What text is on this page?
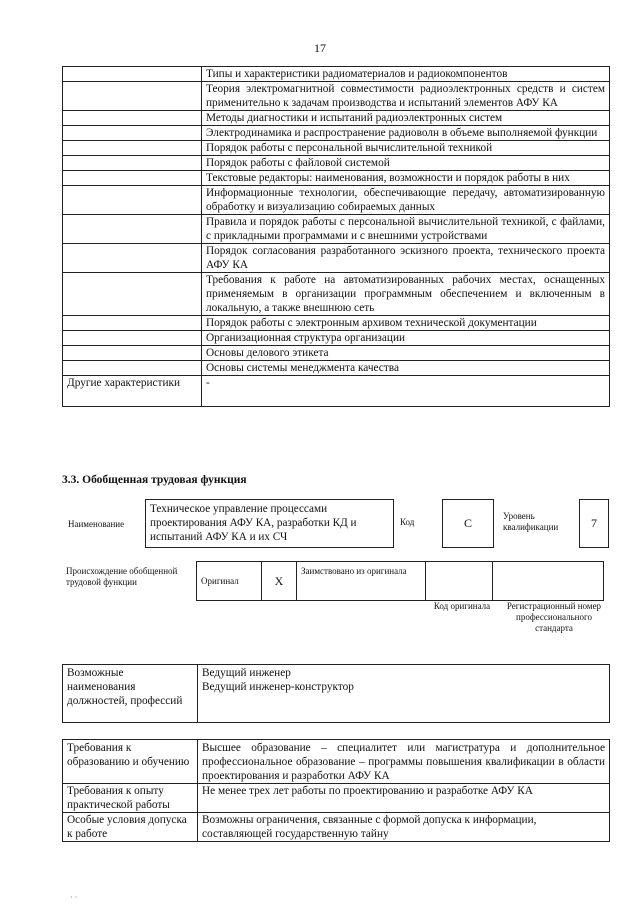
17
	Типы и характеристики радиоматериалов и радиокомпонентов
	Теория электромагнитной совместимости радиоэлектронных средств и систем применительно к задачам производства и испытаний элементов АФУ КА
	Методы диагностики и испытаний радиоэлектронных систем
	Электродинамика и распространение радиоволн в объеме выполняемой функции
	Порядок работы с персональной вычислительной техникой
	Порядок работы с файловой системой
	Текстовые редакторы: наименования, возможности и порядок работы в них
	Информационные технологии, обеспечивающие передачу, автоматизированную обработку и визуализацию собираемых данных
	Правила и порядок работы с персональной вычислительной техникой, с файлами, с прикладными программами и с внешними устройствами
	Порядок согласования разработанного эскизного проекта, технического проекта АФУ КА
	Требования к работе на автоматизированных рабочих местах, оснащенных применяемым в организации программным обеспечением и включенным в локальную, а также внешнюю сеть
	Порядок работы с электронным архивом технической документации
	Организационная структура организации
	Основы делового этикета
	Основы системы менеджмента качества
Другие характеристики	-
3.3. Обобщенная трудовая функция
Наименование
Техническое управление процессами проектирования АФУ КА, разработки КД и испытаний АФУ КА и их СЧ
Код	С	Уровень квалификации	7
Происхождение обобщенной трудовой функции	Оригинал	X	Заимствовано из оригинала		
Код оригинала	Регистрационный номер профессионального стандарта
Возможные наименования должностей, профессий	
Ведущий инженер
Ведущий инженер-конструктор
Требования к образованию и обучению	Высшее образование – специалитет или магистратура и дополнительное профессиональное образование – программы повышения квалификации в области проектирования и разработки АФУ КА
Требования к опыту практической работы	Не менее трех лет работы по проектированию и разработке АФУ КА
Особые условия допуска к работе	Возможны ограничения, связанные с формой допуска к информации, составляющей государственную тайну
· ·
